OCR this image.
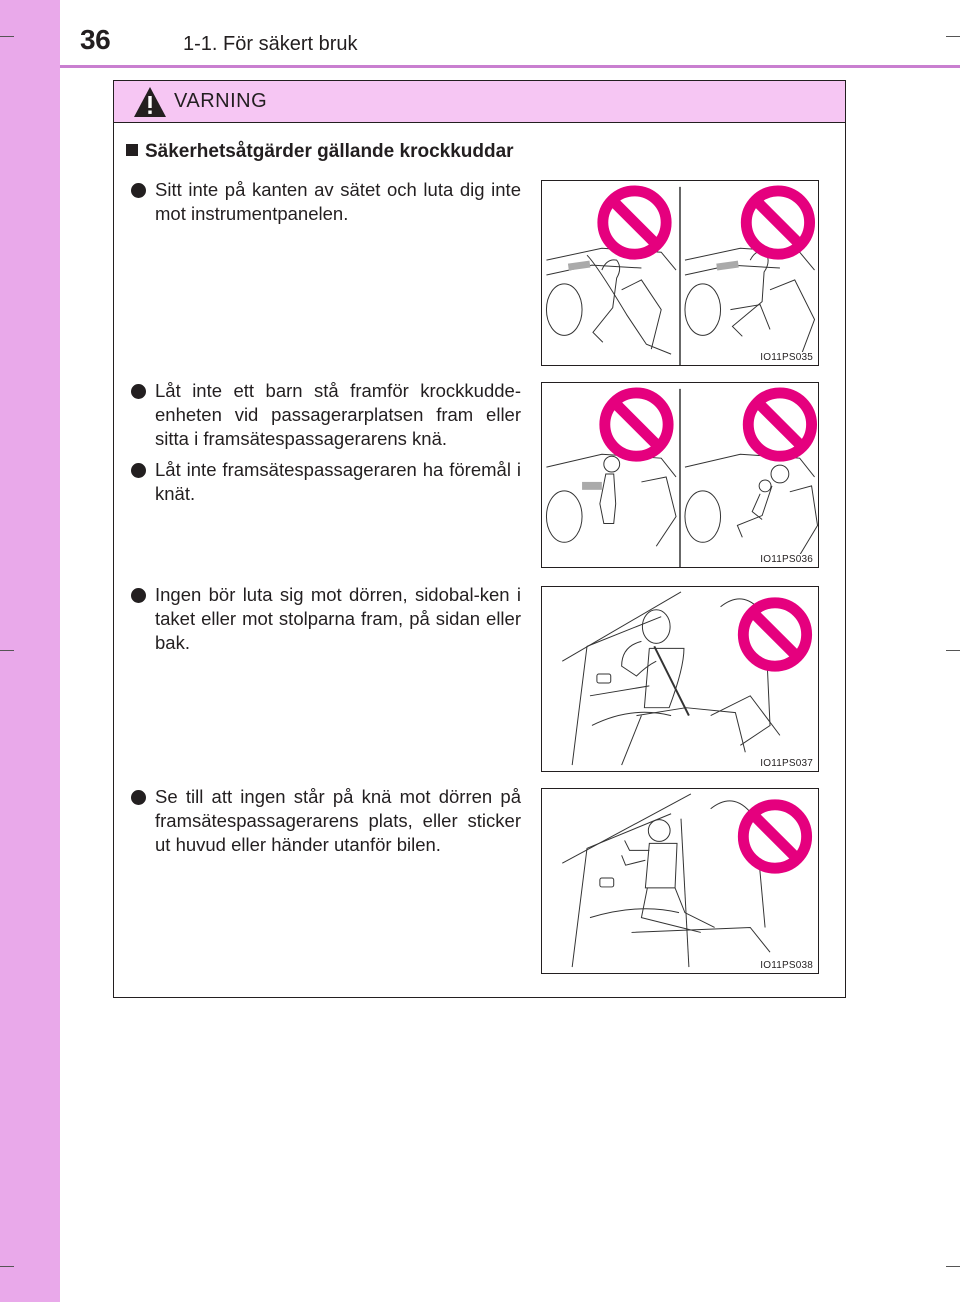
36	1-1. För säkert bruk
VARNING
Säkerhetsåtgärder gällande krockkuddar
Sitt inte på kanten av sätet och luta dig inte mot instrumentpanelen.
Låt inte ett barn stå framför krockkudde-enheten vid passagerarplatsen fram eller sitta i framsätespassagerarens knä.
Låt inte framsätespassageraren ha föremål i knät.
Ingen bör luta sig mot dörren, sidobal-ken i taket eller mot stolparna fram, på sidan eller bak.
Se till att ingen står på knä mot dörren på framsätespassagerarens plats, eller sticker ut huvud eller händer utanför bilen.
IO11PS035
IO11PS036
IO11PS037
IO11PS038
